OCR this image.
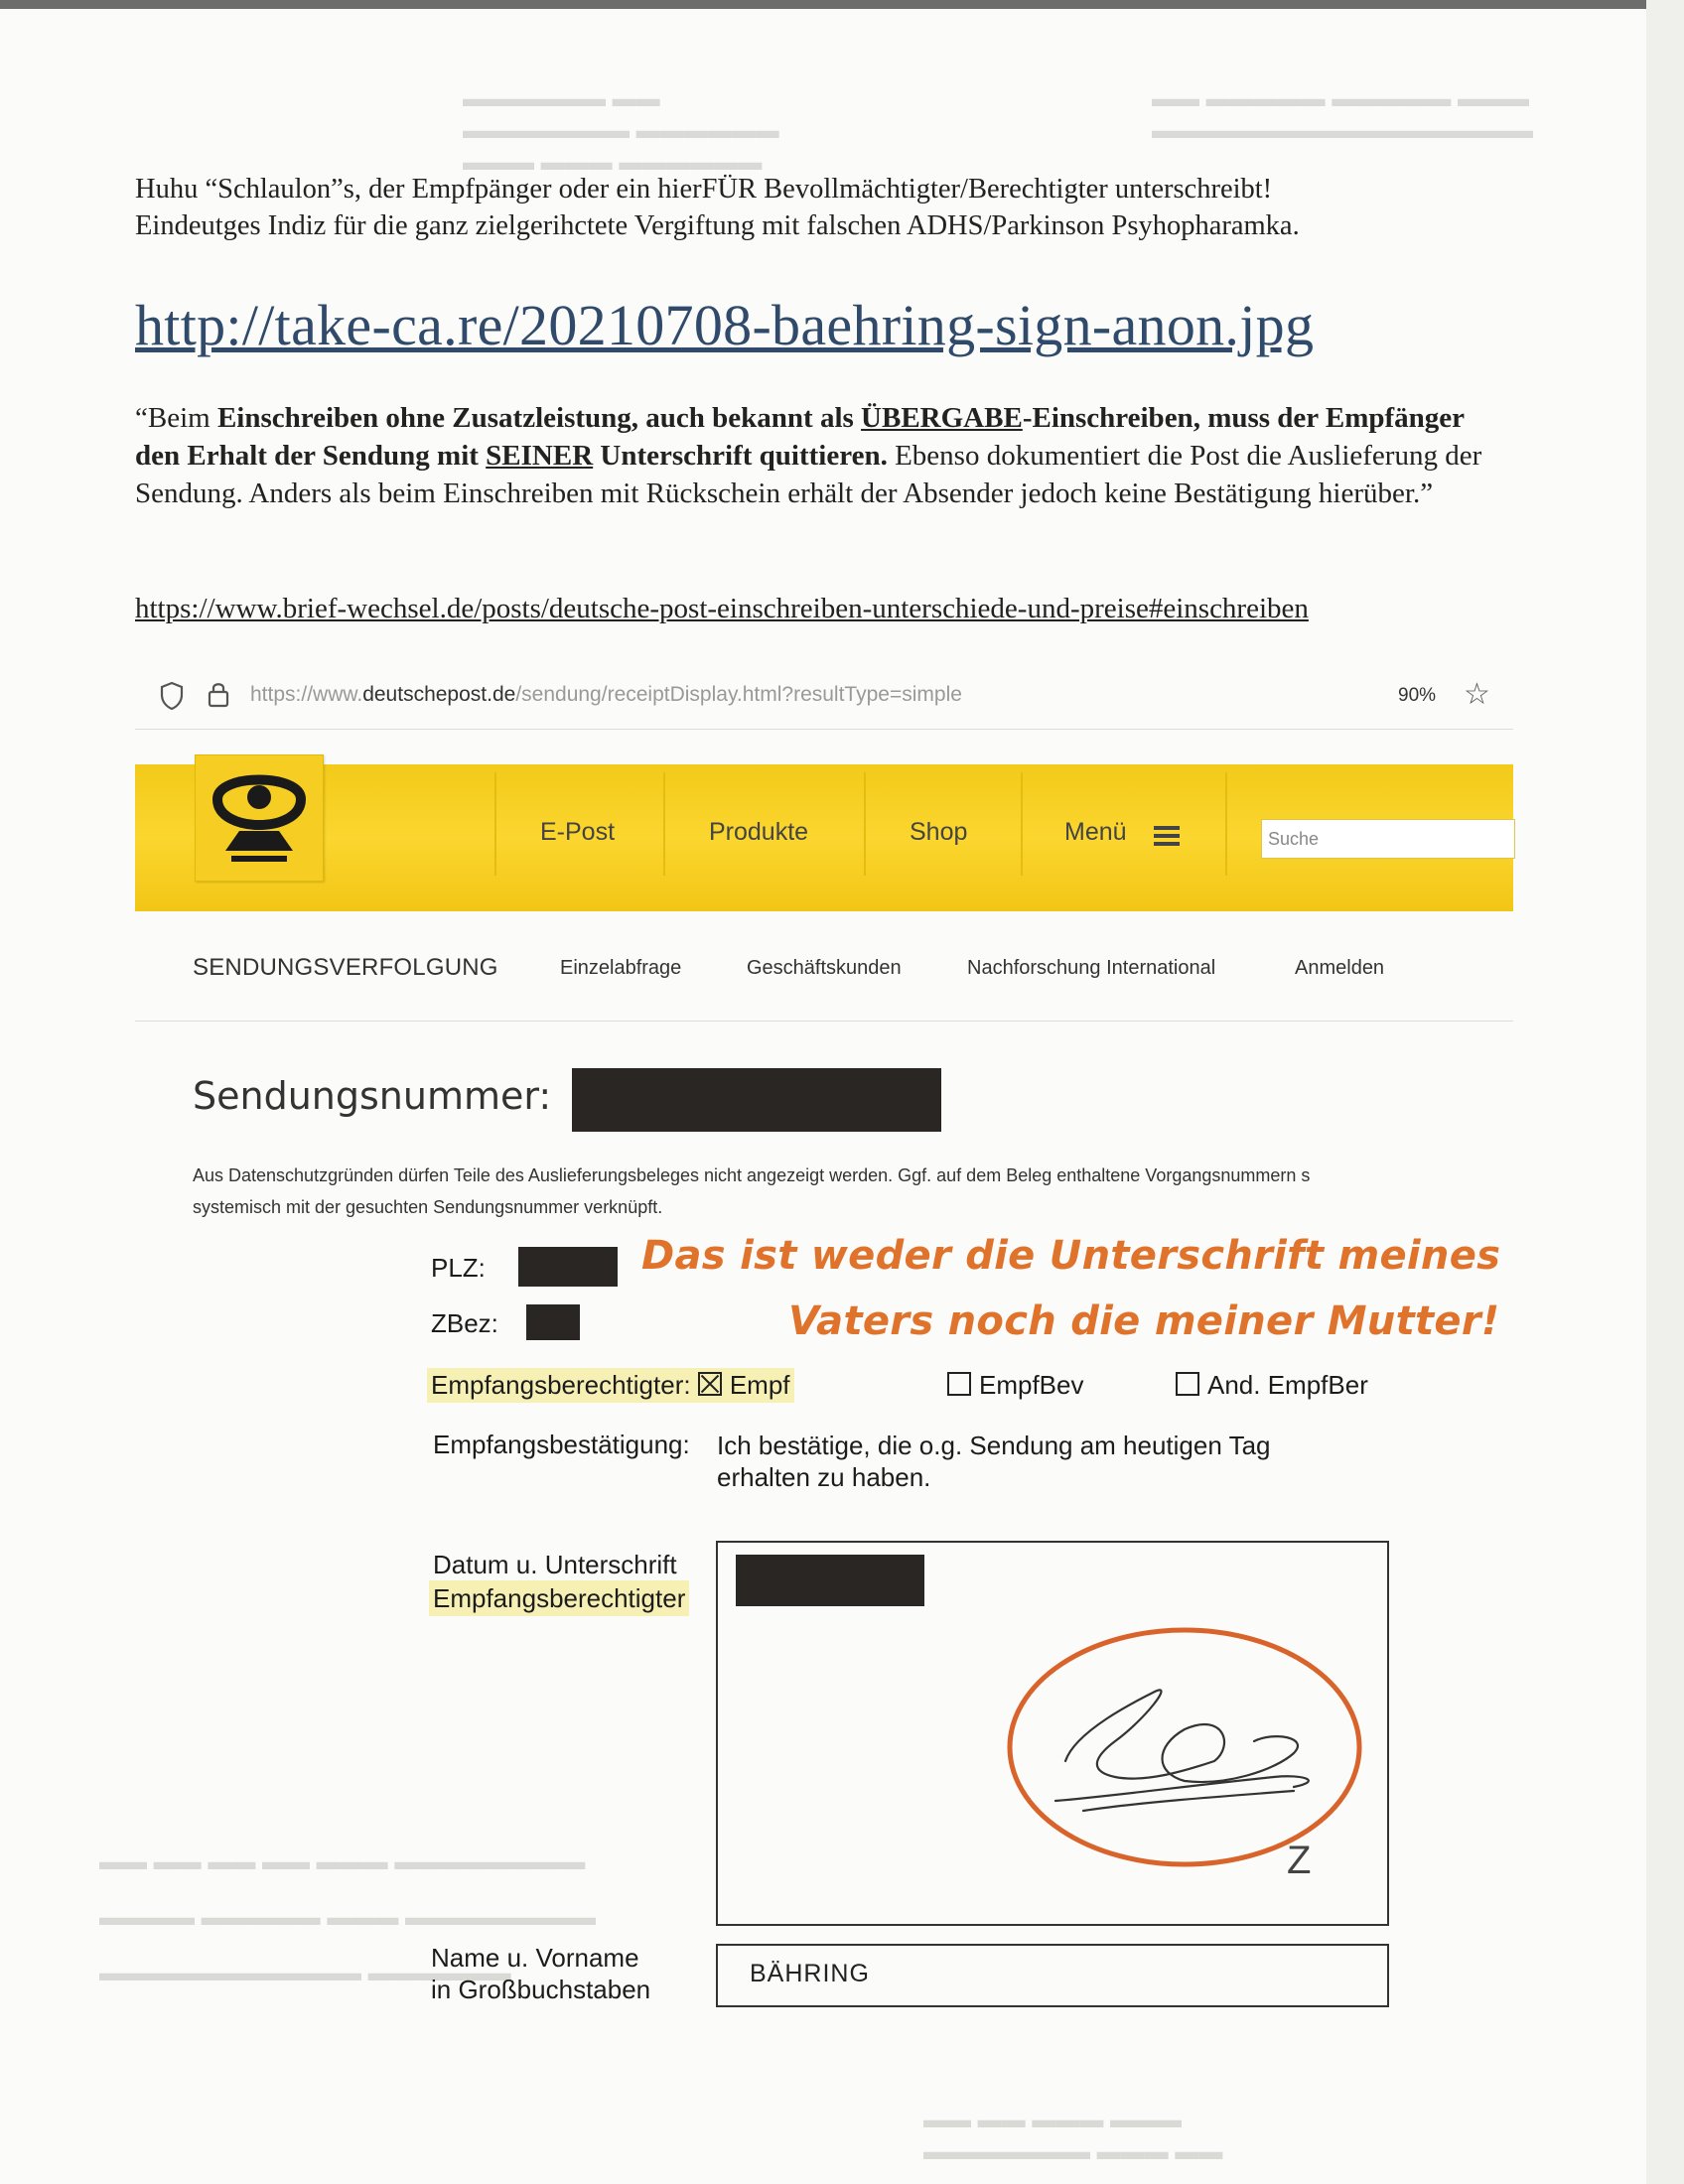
▬▬ ▬▬▬▬▬ ▬▬▬▬▬ ▬▬▬
▬▬▬▬▬▬▬▬▬▬▬▬▬▬▬▬
▬▬▬▬▬▬ ▬▬
▬▬▬▬▬▬▬ ▬▬▬▬▬▬
▬▬▬ ▬▬▬ ▬▬▬▬▬▬
▬▬ ▬▬ ▬▬ ▬▬ ▬▬▬ ▬▬▬▬▬▬▬▬
▬▬▬▬ ▬▬▬▬▬ ▬▬▬ ▬▬▬▬▬▬▬▬
▬▬▬▬▬▬▬▬▬▬▬ ▬▬▬▬▬▬
▬▬ ▬▬ ▬▬▬ ▬▬▬
▬▬▬▬▬▬▬ ▬▬▬ ▬▬
Huhu “Schlaulon”s, der Empfpänger oder ein hierFÜR Bevollmächtigter/Berechtigter unterschreibt!
Eindeutges Indiz für die ganz zielgerihctete Vergiftung mit falschen ADHS/Parkinson Psyhopharamka.
http://take-ca.re/20210708-baehring-sign-anon.jpg
“Beim Einschreiben ohne Zusatzleistung, auch bekannt als ÜBERGABE-Einschreiben, muss der Empfänger den Erhalt der Sendung mit SEINER Unterschrift quittieren. Ebenso dokumentiert die Post die Auslieferung der Sendung. Anders als beim Einschreiben mit Rückschein erhält der Absender jedoch keine Bestätigung hierüber.”
https://www.brief-wechsel.de/posts/deutsche-post-einschreiben-unterschiede-und-preise#einschreiben
https://www.deutschepost.de/sendung/receiptDisplay.html?resultType=simple	90% ☆
E-Post	Produkte	Shop	Menü
Suche
SENDUNGSVERFOLGUNG	Einzelabfrage	Geschäftskunden	Nachforschung International	Anmelden
Sendungsnummer:
Aus Datenschutzgründen dürfen Teile des Auslieferungsbeleges nicht angezeigt werden. Ggf. auf dem Beleg enthaltene Vorgangsnummern s
systemisch mit der gesuchten Sendungsnummer verknüpft.
PLZ:
ZBez:
Das ist weder die Unterschrift meines
Vaters noch die meiner Mutter!
Empfangsberechtigter: Empf	EmpfBev	And. EmpfBer
Empfangsbestätigung: Ich bestätige, die o.g. Sendung am heutigen Tag
erhalten zu haben.
Datum u. Unterschrift
Empfangsberechtigter
Z
Name u. Vorname
in Großbuchstaben
BÄHRING
